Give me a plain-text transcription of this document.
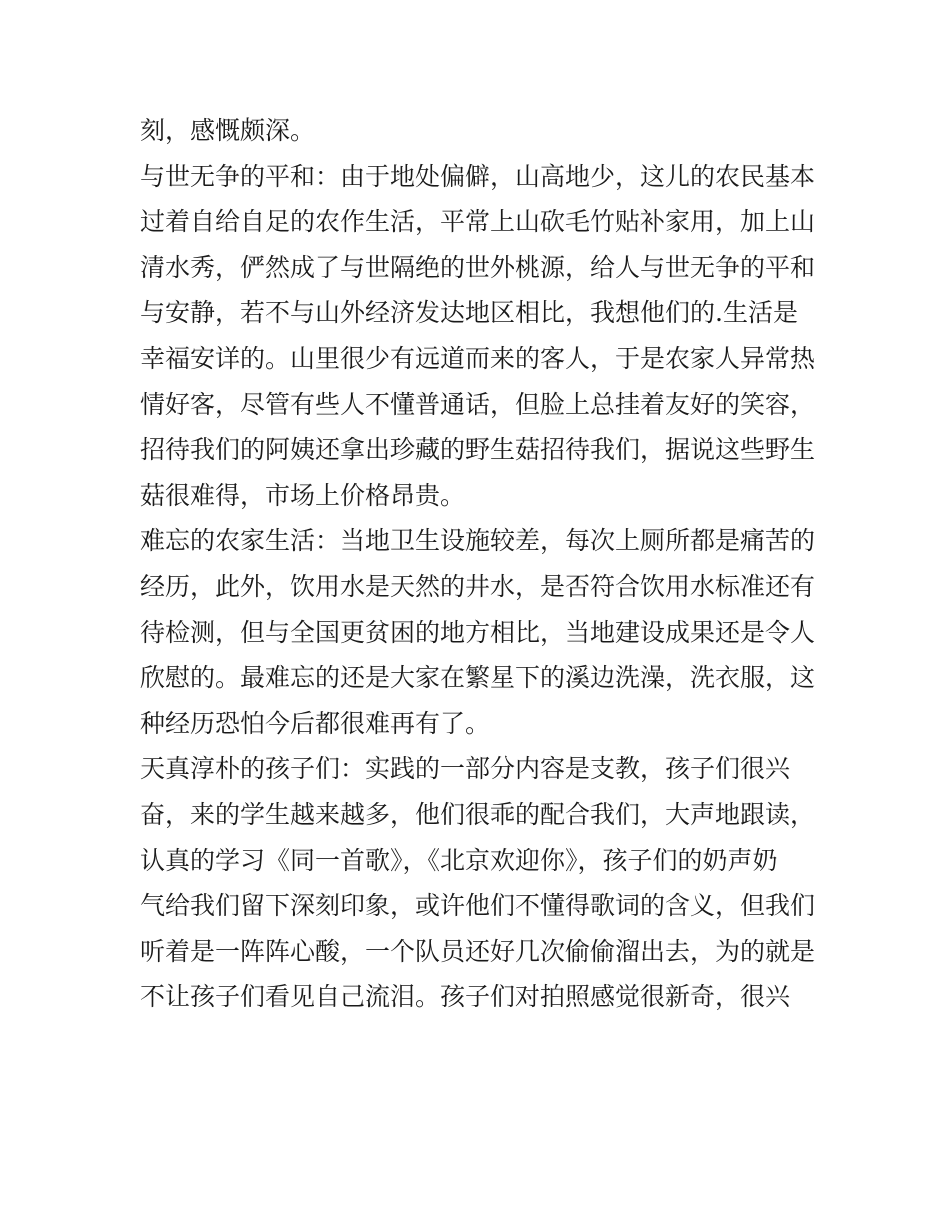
刻，感慨颇深。
与世无争的平和：由于地处偏僻，山高地少，这儿的农民基本
过着自给自足的农作生活，平常上山砍毛竹贴补家用，加上山
清水秀，俨然成了与世隔绝的世外桃源，给人与世无争的平和
与安静，若不与山外经济发达地区相比，我想他们的.生活是
幸福安详的。山里很少有远道而来的客人，于是农家人异常热
情好客，尽管有些人不懂普通话，但脸上总挂着友好的笑容，
招待我们的阿姨还拿出珍藏的野生菇招待我们，据说这些野生
菇很难得，市场上价格昂贵。
难忘的农家生活：当地卫生设施较差，每次上厕所都是痛苦的
经历，此外，饮用水是天然的井水，是否符合饮用水标准还有
待检测，但与全国更贫困的地方相比，当地建设成果还是令人
欣慰的。最难忘的还是大家在繁星下的溪边洗澡，洗衣服，这
种经历恐怕今后都很难再有了。
天真淳朴的孩子们：实践的一部分内容是支教，孩子们很兴
奋，来的学生越来越多，他们很乖的配合我们，大声地跟读，
认真的学习《同一首歌》，《北京欢迎你》，孩子们的奶声奶
气给我们留下深刻印象，或许他们不懂得歌词的含义，但我们
听着是一阵阵心酸，一个队员还好几次偷偷溜出去，为的就是
不让孩子们看见自己流泪。孩子们对拍照感觉很新奇，很兴
